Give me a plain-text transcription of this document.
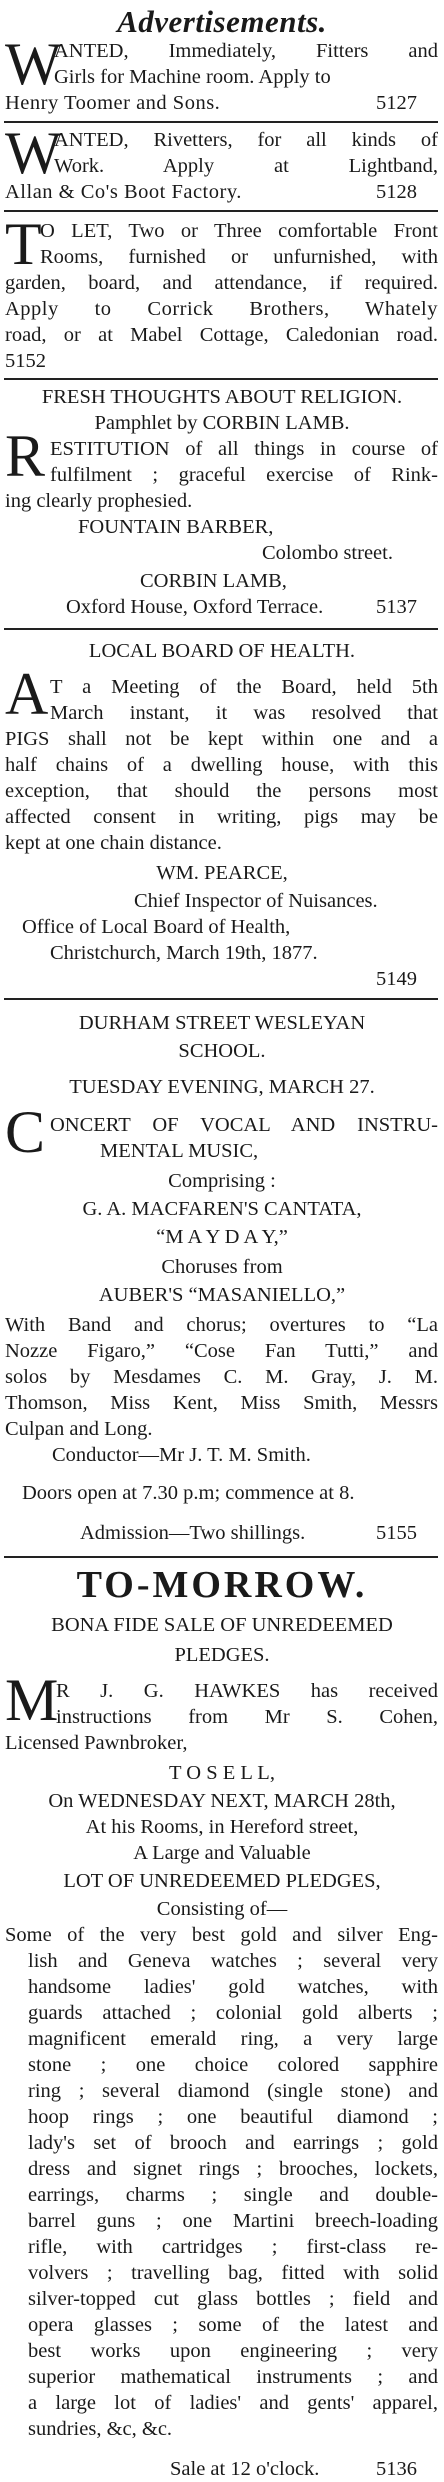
Advertisements.
W
ANTED, Immediately, Fitters and
Girls for Machine room. Apply to
Henry Toomer and Sons.	5127
W
ANTED, Rivetters, for all kinds of
Work. Apply at Lightband,
Allan & Co's Boot Factory.	5128
T
O LET, Two or Three comfortable Front
Rooms, furnished or unfurnished, with
garden, board, and attendance, if required.
Apply to Corrick Brothers, Whately
road, or at Mabel Cottage, Caledonian road.
5152
FRESH THOUGHTS ABOUT RELIGION.
Pamphlet by CORBIN LAMB.
R ESTITUTION of all things in course of
fulfilment ; graceful exercise of Rink-
ing clearly prophesied.
FOUNTAIN BARBER,
Colombo street.
CORBIN LAMB,
Oxford House, Oxford Terrace.	5137
LOCAL BOARD OF HEALTH.
A T a Meeting of the Board, held 5th
March instant, it was resolved that
PIGS shall not be kept within one and a
half chains of a dwelling house, with this
exception, that should the persons most
affected consent in writing, pigs may be
kept at one chain distance.
WM. PEARCE,
Chief Inspector of Nuisances.
Office of Local Board of Health,
Christchurch, March 19th, 1877.
5149
DURHAM STREET WESLEYAN
SCHOOL.
TUESDAY EVENING, MARCH 27.
C ONCERT OF VOCAL AND INSTRU-
MENTAL MUSIC,
Comprising :
G. A. MACFAREN'S CANTATA,
“M A Y D A Y,”
Choruses from
AUBER'S “MASANIELLO,”
With Band and chorus; overtures to “La
Nozze Figaro,” “Cose Fan Tutti,” and
solos by Mesdames C. M. Gray, J. M.
Thomson, Miss Kent, Miss Smith, Messrs
Culpan and Long.
Conductor—Mr J. T. M. Smith.
Doors open at 7.30 p.m; commence at 8.
Admission—Two shillings.	5155
TO-MORROW.
BONA FIDE SALE OF UNREDEEMED
PLEDGES.
M
R J. G. HAWKES has received
instructions from Mr S. Cohen,
Licensed Pawnbroker,
T O S E L L,
On WEDNESDAY NEXT, MARCH 28th,
At his Rooms, in Hereford street,
A Large and Valuable
LOT OF UNREDEEMED PLEDGES,
Consisting of—
Some of the very best gold and silver Eng-
lish and Geneva watches ; several very
handsome ladies' gold watches, with
guards attached ; colonial gold alberts ;
magnificent emerald ring, a very large
stone ; one choice colored sapphire
ring ; several diamond (single stone) and
hoop rings ; one beautiful diamond ;
lady's set of brooch and earrings ; gold
dress and signet rings ; brooches, lockets,
earrings, charms ; single and double-
barrel guns ; one Martini breech-loading
rifle, with cartridges ; first-class re-
volvers ; travelling bag, fitted with solid
silver-topped cut glass bottles ; field and
opera glasses ; some of the latest and
best works upon engineering ; very
superior mathematical instruments ; and
a large lot of ladies' and gents' apparel,
sundries, &c, &c.
Sale at 12 o'clock.	5136
